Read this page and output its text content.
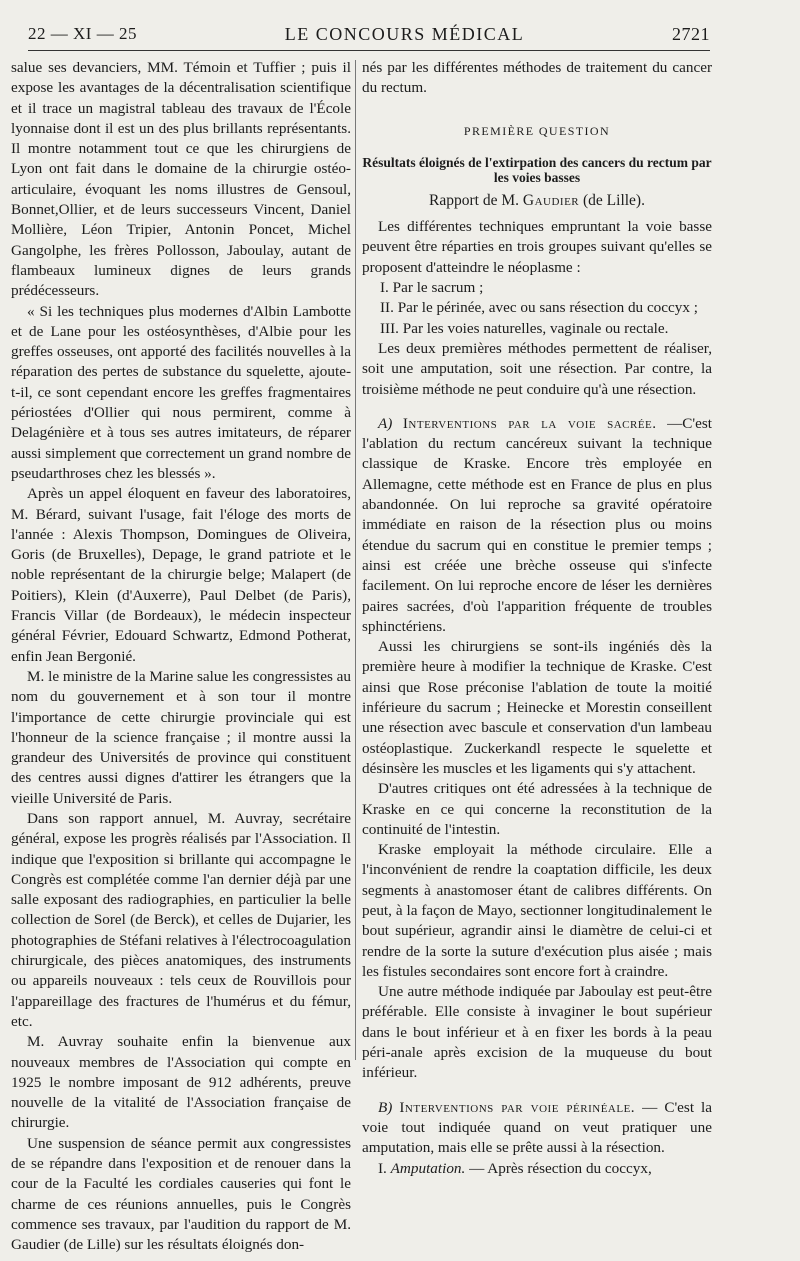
22 — XI — 25	LE CONCOURS MÉDICAL	2721

salue ses devanciers, MM. Témoin et Tuffier ; puis il expose les avantages de la décentralisation scientifique et il trace un magistral tableau des travaux de l'École lyonnaise dont il est un des plus brillants représentants. Il montre notamment tout ce que les chirurgiens de Lyon ont fait dans le domaine de la chirurgie ostéo-articulaire, évoquant les noms illustres de Gensoul, Bonnet,Ollier, et de leurs successeurs Vincent, Daniel Mollière, Léon Tripier, Antonin Poncet, Michel Gangolphe, les frères Pollosson, Jaboulay, autant de flambeaux lumineux dignes de leurs grands prédécesseurs.

« Si les techniques plus modernes d'Albin Lambotte et de Lane pour les ostéosynthèses, d'Albie pour les greffes osseuses, ont apporté des facilités nouvelles à la réparation des pertes de substance du squelette, ajoute-t-il, ce sont cependant encore les greffes fragmentaires périostées d'Ollier qui nous permirent, comme à Delagénière et à tous ses autres imitateurs, de réparer aussi simplement que correctement un grand nombre de pseudarthroses chez les blessés ».

Après un appel éloquent en faveur des laboratoires, M. Bérard, suivant l'usage, fait l'éloge des morts de l'année : Alexis Thompson, Domingues de Oliveira, Goris (de Bruxelles), Depage, le grand patriote et le noble représentant de la chirurgie belge; Malapert (de Poitiers), Klein (d'Auxerre), Paul Delbet (de Paris), Francis Villar (de Bordeaux), le médecin inspecteur général Février, Edouard Schwartz, Edmond Potherat, enfin Jean Bergonié.

M. le ministre de la Marine salue les congressistes au nom du gouvernement et à son tour il montre l'importance de cette chirurgie provinciale qui est l'honneur de la science française ; il montre aussi la grandeur des Universités de province qui constituent des centres aussi dignes d'attirer les étrangers que la vieille Université de Paris.

Dans son rapport annuel, M. Auvray, secrétaire général, expose les progrès réalisés par l'Association. Il indique que l'exposition si brillante qui accompagne le Congrès est complétée comme l'an dernier déjà par une salle exposant des radiographies, en particulier la belle collection de Sorel (de Berck), et celles de Dujarier, les photographies de Stéfani relatives à l'électrocoagulation chirurgicale, des pièces anatomiques, des instruments ou appareils nouveaux : tels ceux de Rouvillois pour l'appareillage des fractures de l'humérus et du fémur, etc.

M. Auvray souhaite enfin la bienvenue aux nouveaux membres de l'Association qui compte en 1925 le nombre imposant de 912 adhérents, preuve nouvelle de la vitalité de l'Association française de chirurgie.

Une suspension de séance permit aux congressistes de se répandre dans l'exposition et de renouer dans la cour de la Faculté les cordiales causeries qui font le charme de ces réunions annuelles, puis le Congrès commence ses travaux, par l'audition du rapport de M. Gaudier (de Lille) sur les résultats éloignés don-

nés par les différentes méthodes de traitement du cancer du rectum.

PREMIÈRE QUESTION

Résultats éloignés de l'extirpation des cancers du rectum par les voies basses

Rapport de M. Gaudier (de Lille).

Les différentes techniques empruntant la voie basse peuvent être réparties en trois groupes suivant qu'elles se proposent d'atteindre le néoplasme :

I. Par le sacrum ;

II. Par le périnée, avec ou sans résection du coccyx ;

III. Par les voies naturelles, vaginale ou rectale.

Les deux premières méthodes permettent de réaliser, soit une amputation, soit une résection. Par contre, la troisième méthode ne peut conduire qu'à une résection.

A) Interventions par la voie sacrée. —C'est l'ablation du rectum cancéreux suivant la technique classique de Kraske. Encore très employée en Allemagne, cette méthode est en France de plus en plus abandonnée. On lui reproche sa gravité opératoire immédiate en raison de la résection plus ou moins étendue du sacrum qui en constitue le premier temps ; ainsi est créée une brèche osseuse qui s'infecte facilement. On lui reproche encore de léser les dernières paires sacrées, d'où l'apparition fréquente de troubles sphinctériens.

Aussi les chirurgiens se sont-ils ingéniés dès la première heure à modifier la technique de Kraske. C'est ainsi que Rose préconise l'ablation de toute la moitié inférieure du sacrum ; Heinecke et Morestin conseillent une résection avec bascule et conservation d'un lambeau ostéoplastique. Zuckerkandl respecte le squelette et désinsère les muscles et les ligaments qui s'y attachent.

D'autres critiques ont été adressées à la technique de Kraske en ce qui concerne la reconstitution de la continuité de l'intestin.

Kraske employait la méthode circulaire. Elle a l'inconvénient de rendre la coaptation difficile, les deux segments à anastomoser étant de calibres différents. On peut, à la façon de Mayo, sectionner longitudinalement le bout supérieur, agrandir ainsi le diamètre de celui-ci et rendre de la sorte la suture d'exécution plus aisée ; mais les fistules secondaires sont encore fort à craindre.

Une autre méthode indiquée par Jaboulay est peut-être préférable. Elle consiste à invaginer le bout supérieur dans le bout inférieur et à en fixer les bords à la peau péri-anale après excision de la muqueuse du bout inférieur.

B) Interventions par voie périnéale. — C'est la voie tout indiquée quand on veut pratiquer une amputation, mais elle se prête aussi à la résection.

I. Amputation. — Après résection du coccyx,
